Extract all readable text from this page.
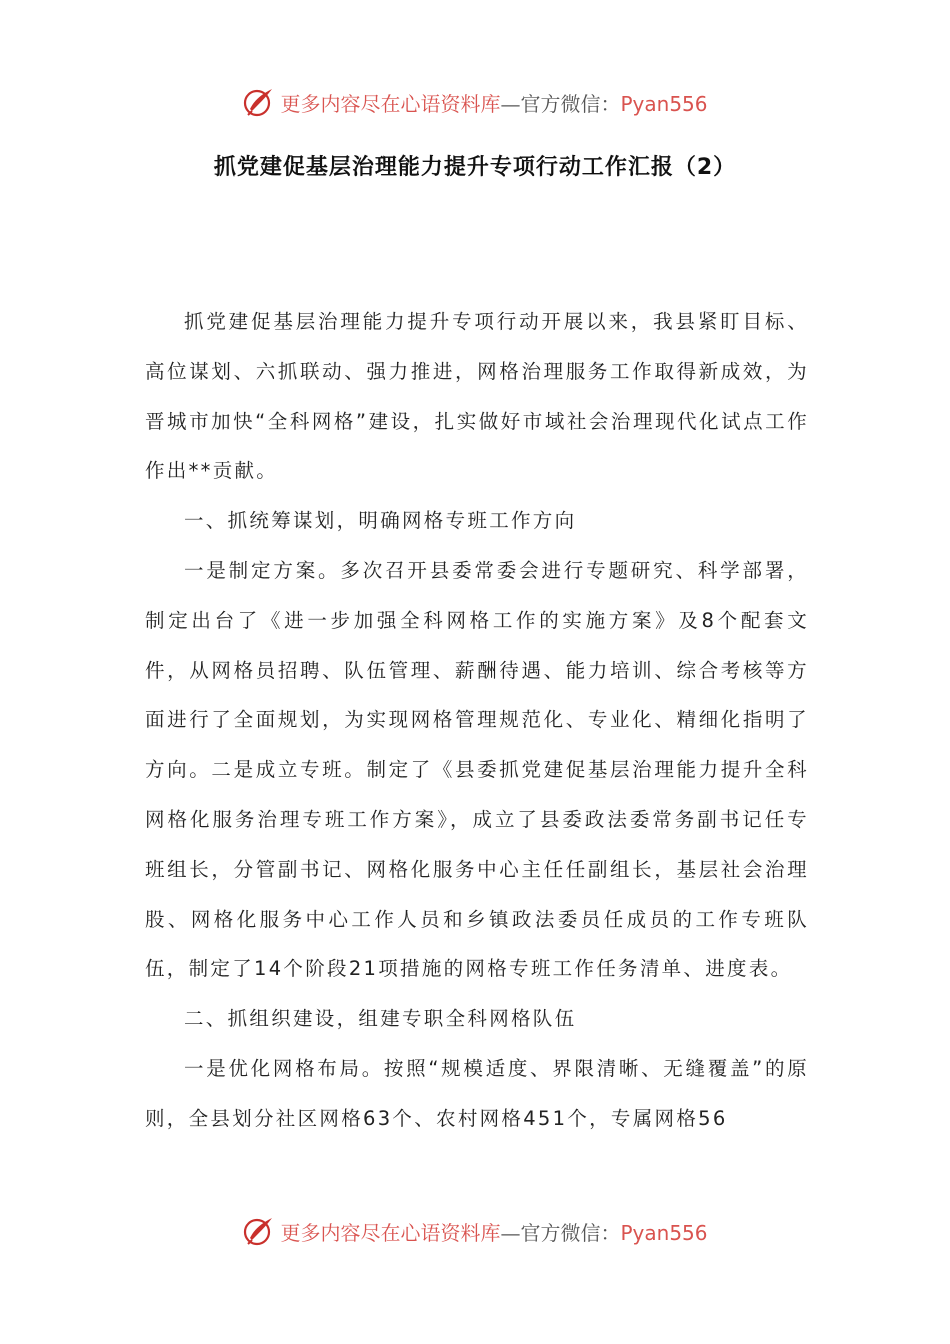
更多内容尽在心语资料库—官方微信：Pyan556
抓党建促基层治理能力提升专项行动工作汇报（2）

抓党建促基层治理能力提升专项行动开展以来，我县紧盯目标、高位谋划、六抓联动、强力推进，网格治理服务工作取得新成效，为晋城市加快“全科网格”建设，扎实做好市域社会治理现代化试点工作作出**贡献。

一、抓统筹谋划，明确网格专班工作方向

一是制定方案。多次召开县委常委会进行专题研究、科学部署，制定出台了《进一步加强全科网格工作的实施方案》及8个配套文件，从网格员招聘、队伍管理、薪酬待遇、能力培训、综合考核等方面进行了全面规划，为实现网格管理规范化、专业化、精细化指明了方向。二是成立专班。制定了《县委抓党建促基层治理能力提升全科网格化服务治理专班工作方案》，成立了县委政法委常务副书记任专班组长，分管副书记、网格化服务中心主任任副组长，基层社会治理股、网格化服务中心工作人员和乡镇政法委员任成员的工作专班队伍，制定了14个阶段21项措施的网格专班工作任务清单、进度表。

二、抓组织建设，组建专职全科网格队伍

一是优化网格布局。按照“规模适度、界限清晰、无缝覆盖”的原则，全县划分社区网格63个、农村网格451个，专属网格56

更多内容尽在心语资料库—官方微信：Pyan556
